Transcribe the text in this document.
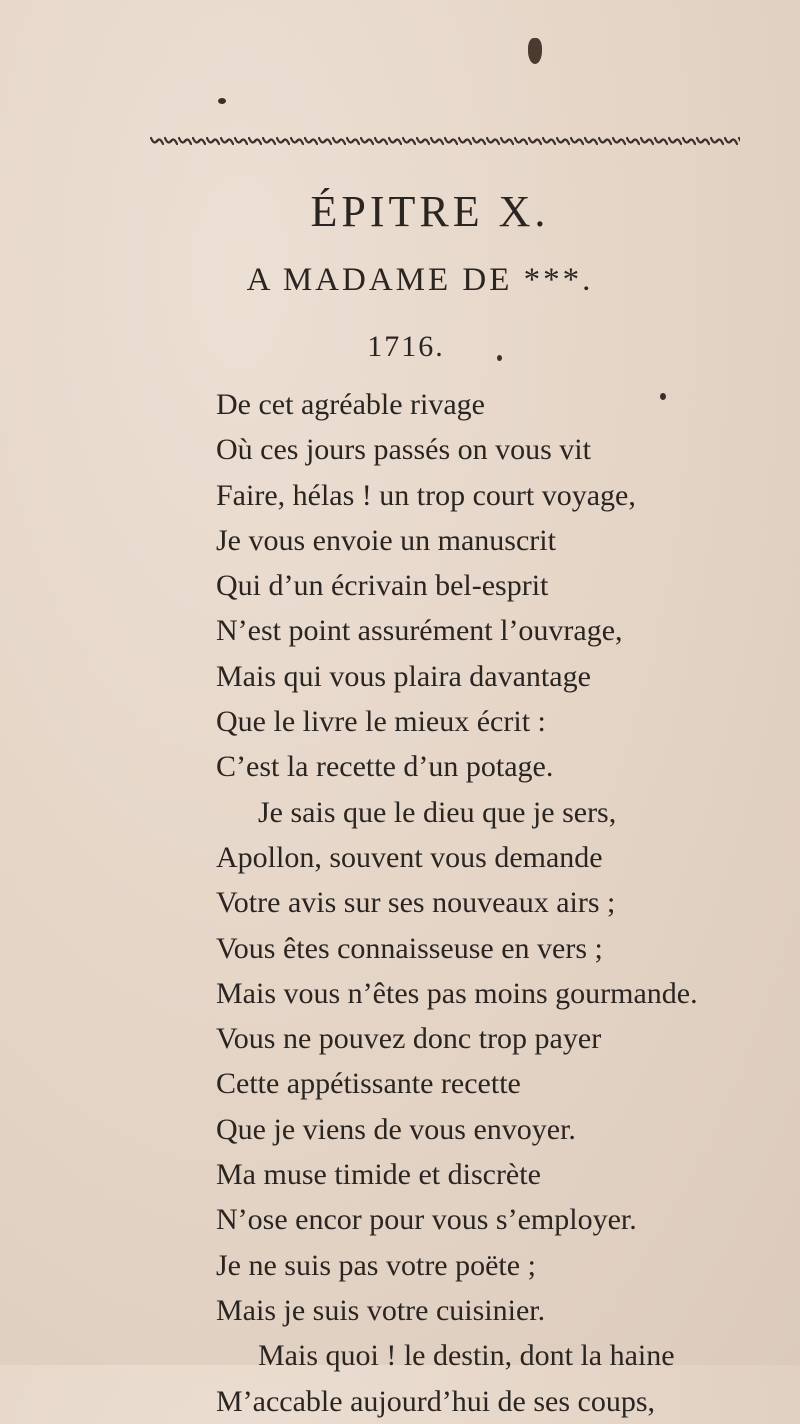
ÉPITRE X.
A MADAME DE ***.
1716.
De cet agréable rivage
Où ces jours passés on vous vit
Faire, hélas ! un trop court voyage,
Je vous envoie un manuscrit
Qui d’un écrivain bel-esprit
N’est point assurément l’ouvrage,
Mais qui vous plaira davantage
Que le livre le mieux écrit :
C’est la recette d’un potage.
Je sais que le dieu que je sers,
Apollon, souvent vous demande
Votre avis sur ses nouveaux airs ;
Vous êtes connaisseuse en vers ;
Mais vous n’êtes pas moins gourmande.
Vous ne pouvez donc trop payer
Cette appétissante recette
Que je viens de vous envoyer.
Ma muse timide et discrète
N’ose encor pour vous s’employer.
Je ne suis pas votre poëte ;
Mais je suis votre cuisinier.
Mais quoi ! le destin, dont la haine
M’accable aujourd’hui de ses coups,
